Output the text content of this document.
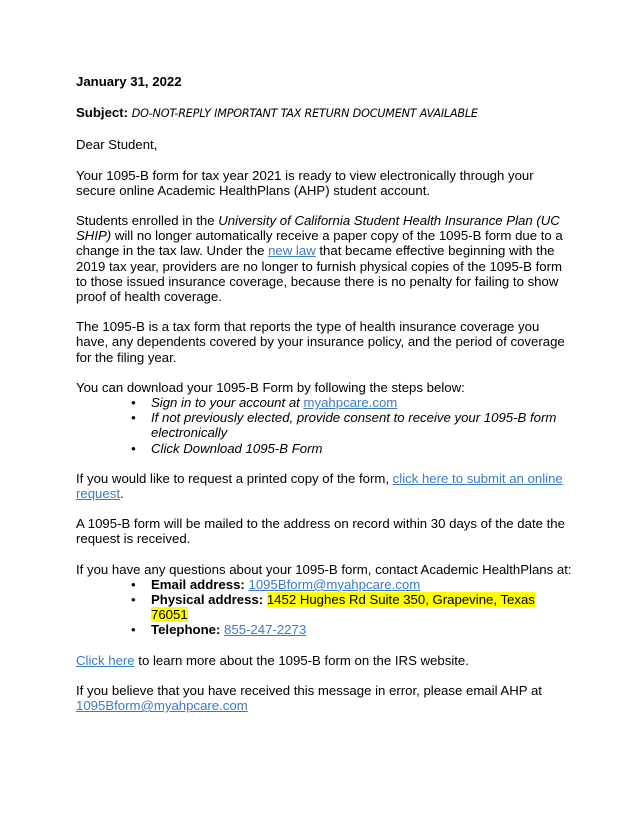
January 31, 2022

Subject: DO-NOT-REPLY IMPORTANT TAX RETURN DOCUMENT AVAILABLE

Dear Student,

Your 1095-B form for tax year 2021 is ready to view electronically through your secure online Academic HealthPlans (AHP) student account.

Students enrolled in the University of California Student Health Insurance Plan (UC SHIP) will no longer automatically receive a paper copy of the 1095-B form due to a change in the tax law. Under the new law that became effective beginning with the 2019 tax year, providers are no longer to furnish physical copies of the 1095-B form to those issued insurance coverage, because there is no penalty for failing to show proof of health coverage.

The 1095-B is a tax form that reports the type of health insurance coverage you have, any dependents covered by your insurance policy, and the period of coverage for the filing year.

You can download your 1095-B Form by following the steps below:

• Sign in to your account at myahpcare.com
• If not previously elected, provide consent to receive your 1095-B form
electronically
• Click Download 1095-B Form

If you would like to request a printed copy of the form, click here to submit an online request.

A 1095-B form will be mailed to the address on record within 30 days of the date the request is received.

If you have any questions about your 1095-B form, contact Academic HealthPlans at:

• Email address: 1095Bform@myahpcare.com
• Physical address: 1452 Hughes Rd Suite 350, Grapevine, Texas 76051
• Telephone: 855-247-2273

Click here to learn more about the 1095-B form on the IRS website.

If you believe that you have received this message in error, please email AHP at
1095Bform@myahpcare.com
